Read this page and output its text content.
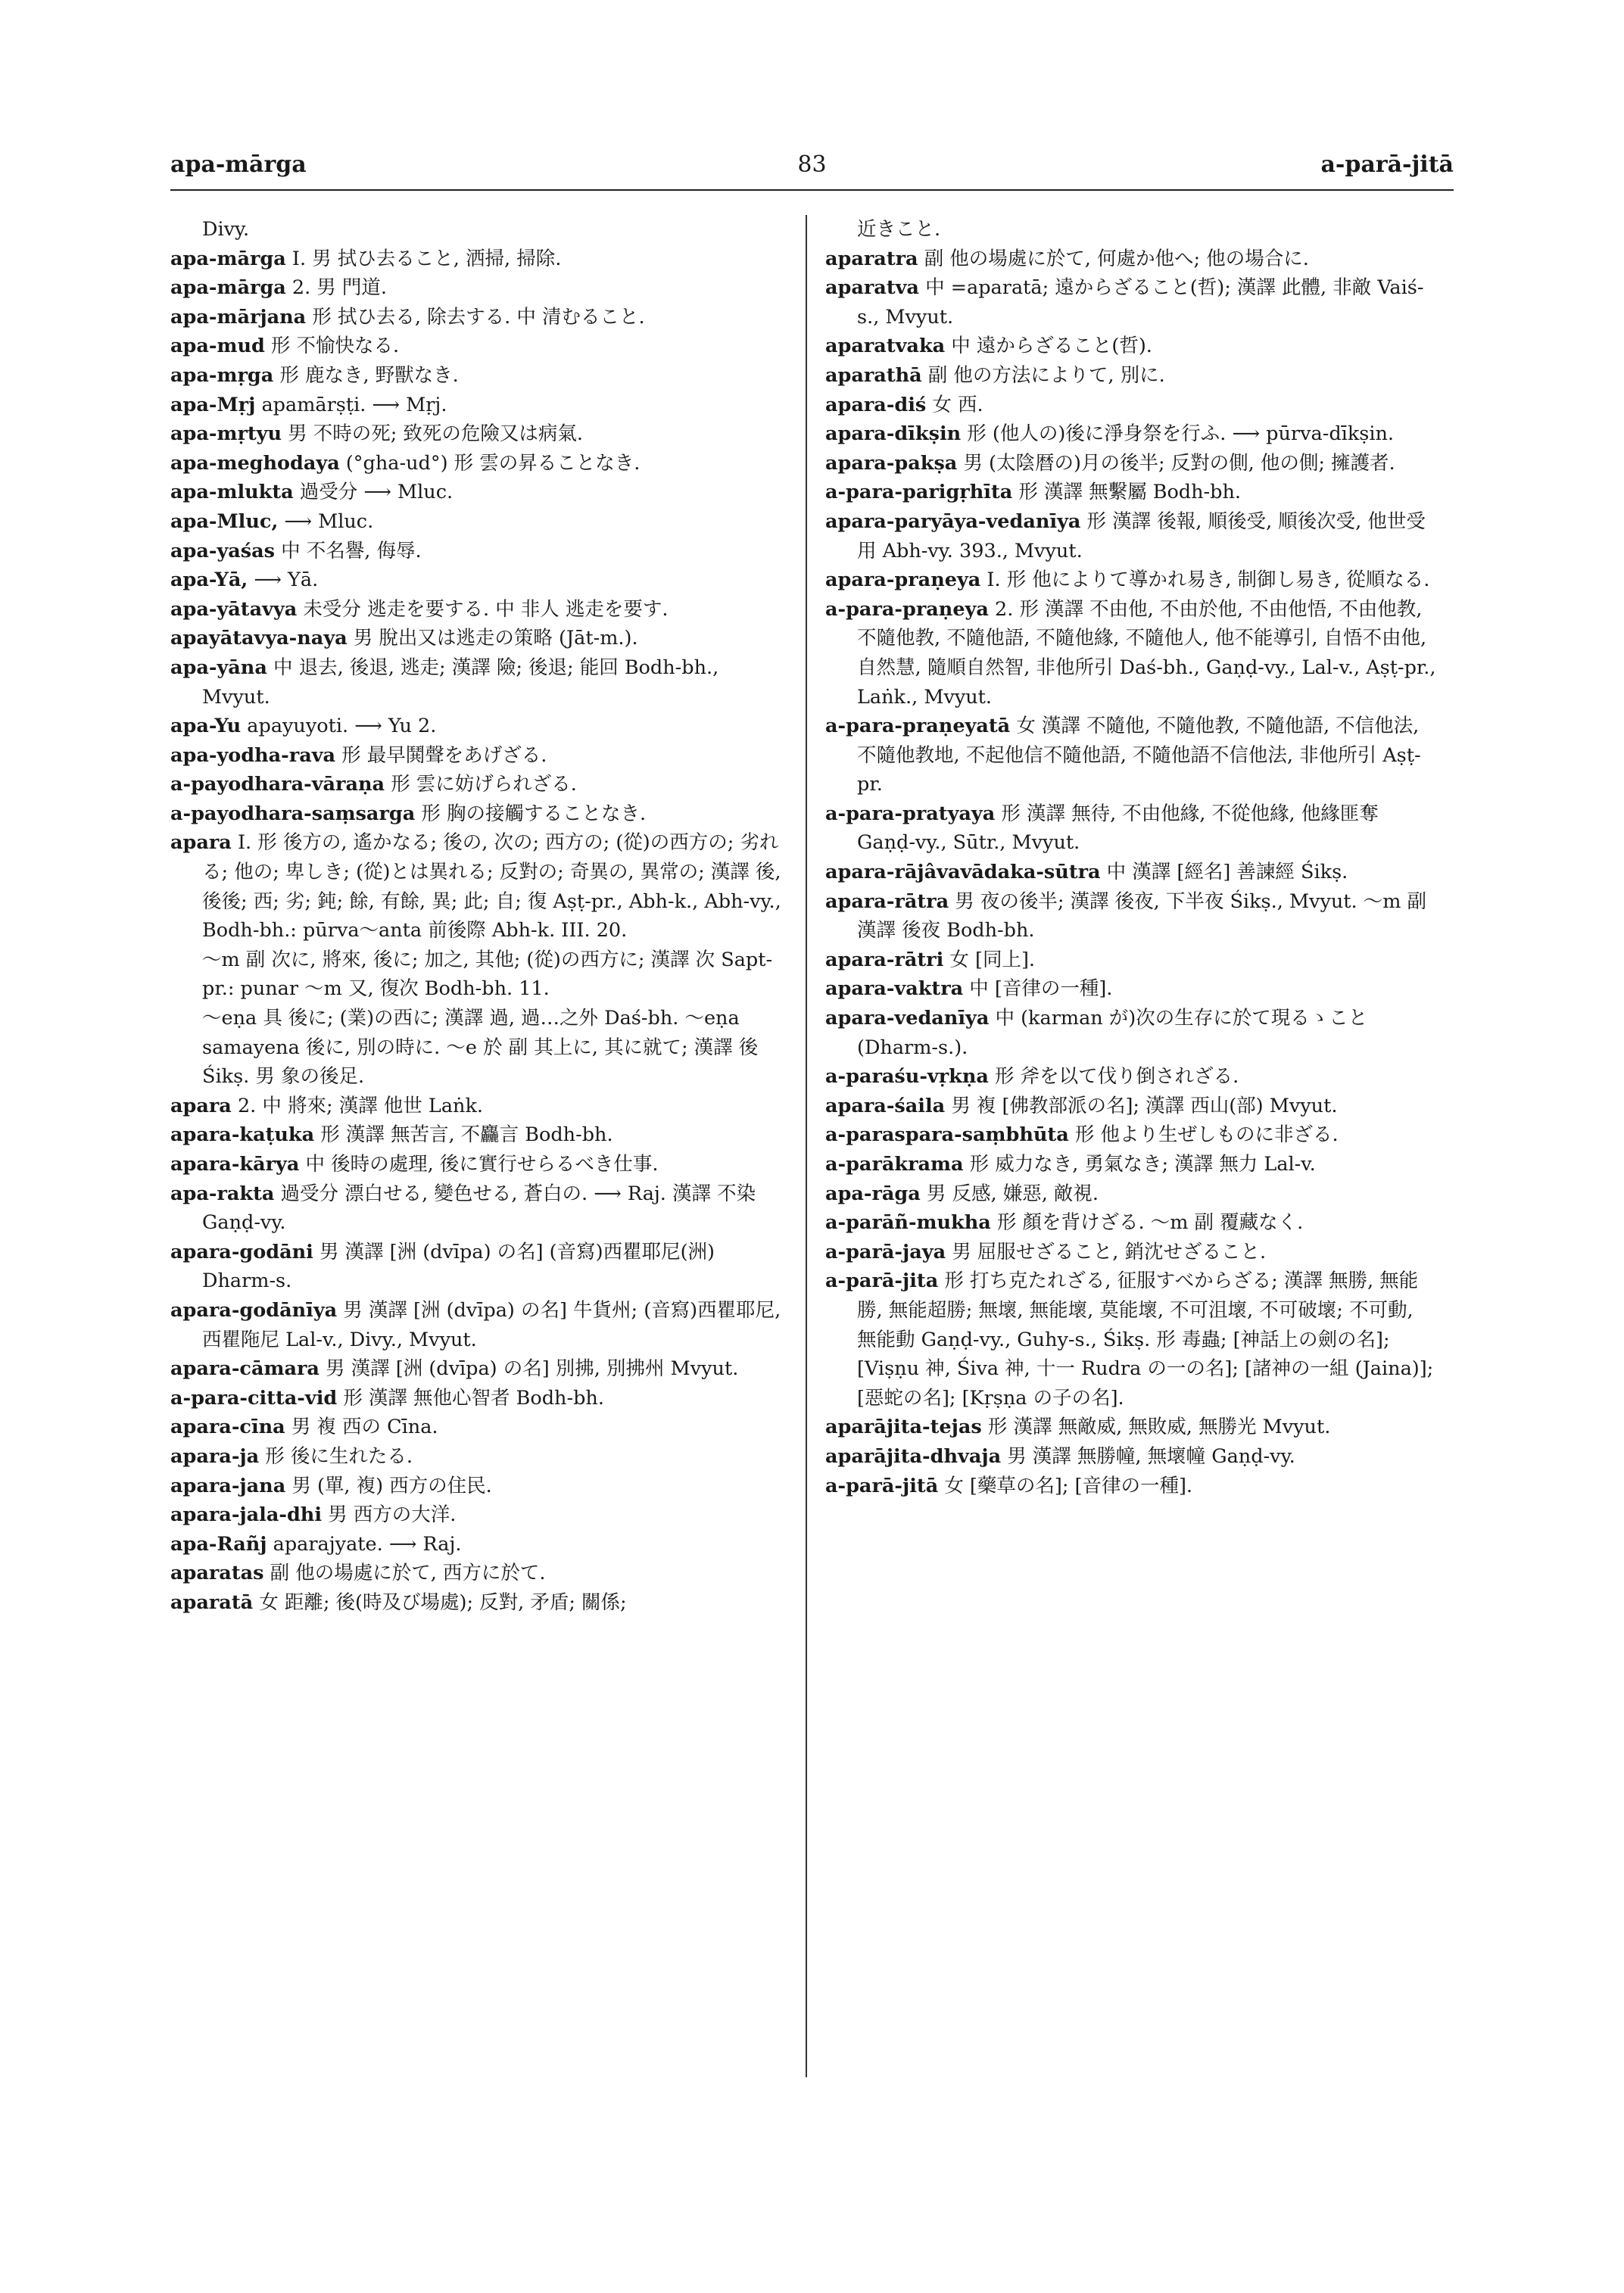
apa-mārga	83	a-parā-jitā

Divy.

apa-mārga I. 男 拭ひ去ること, 洒掃, 掃除.

apa-mārga 2. 男 門道.

apa-mārjana 形 拭ひ去る, 除去する. 中 清むること.

apa-mud 形 不愉快なる.

apa-mṛga 形 鹿なき, 野獸なき.

apa-Mṛj apamārṣṭi. ⟶ Mṛj.

apa-mṛtyu 男 不時の死; 致死の危險又は病氣.

apa-meghodaya (°gha-ud°) 形 雲の昇ることなき.

apa-mlukta 過受分 ⟶ Mluc.

apa-Mluc, ⟶ Mluc.

apa-yaśas 中 不名譽, 侮辱.

apa-Yā, ⟶ Yā.

apa-yātavya 未受分 逃走を要する. 中 非人 逃走を要す.

apayātavya-naya 男 脫出又は逃走の策略 (Jāt-m.).

apa-yāna 中 退去, 後退, 逃走; 漢譯 險; 後退; 能回 Bodh-bh., Mvyut.

apa-Yu apayuyoti. ⟶ Yu 2.

apa-yodha-rava 形 最早鬨聲をあげざる.

a-payodhara-vāraṇa 形 雲に妨げられざる.

a-payodhara-saṃsarga 形 胸の接觸することなき.

apara I. 形 後方の, 遙かなる; 後の, 次の; 西方の; (從)の西方の; 劣れる; 他の; 卑しき; (從)とは異れる; 反對の; 奇異の, 異常の; 漢譯 後, 後後; 西; 劣; 鈍; 餘, 有餘, 異; 此; 自; 復 Aṣṭ-pr., Abh-k., Abh-vy., Bodh-bh.: pūrva〜anta 前後際 Abh-k. III. 20.

〜m 副 次に, 將來, 後に; 加之, 其他; (從)の西方に; 漢譯 次 Sapt-pr.: punar 〜m 又, 復次 Bodh-bh. 11.

〜eṇa 具 後に; (業)の西に; 漢譯 過, 過…之外 Daś-bh. 〜eṇa samayena 後に, 別の時に. 〜e 於 副 其上に, 其に就て; 漢譯 後 Śikṣ. 男 象の後足.

apara 2. 中 將來; 漢譯 他世 Laṅk.

apara-kaṭuka 形 漢譯 無苦言, 不麤言 Bodh-bh.

apara-kārya 中 後時の處理, 後に實行せらるべき仕事.

apa-rakta 過受分 漂白せる, 變色せる, 蒼白の. ⟶ Raj. 漢譯 不染 Gaṇḍ-vy.

apara-godāni 男 漢譯 [洲 (dvīpa) の名] (音寫)西瞿耶尼(洲) Dharm-s.

apara-godānīya 男 漢譯 [洲 (dvīpa) の名] 牛貨州; (音寫)西瞿耶尼, 西瞿陁尼 Lal-v., Divy., Mvyut.

apara-cāmara 男 漢譯 [洲 (dvīpa) の名] 別拂, 別拂州 Mvyut.

a-para-citta-vid 形 漢譯 無他心智者 Bodh-bh.

apara-cīna 男 複 西の Cīna.

apara-ja 形 後に生れたる.

apara-jana 男 (單, 複) 西方の住民.

apara-jala-dhi 男 西方の大洋.

apa-Rañj aparajyate. ⟶ Raj.

aparatas 副 他の場處に於て, 西方に於て.

aparatā 女 距離; 後(時及び場處); 反對, 矛盾; 關係;

近きこと.

aparatra 副 他の場處に於て, 何處か他へ; 他の場合に.

aparatva 中 =aparatā; 遠からざること(哲); 漢譯 此體, 非敵 Vaiś-s., Mvyut.

aparatvaka 中 遠からざること(哲).

aparathā 副 他の方法によりて, 別に.

apara-diś 女 西.

apara-dīkṣin 形 (他人の)後に淨身祭を行ふ. ⟶ pūrva-dīkṣin.

apara-pakṣa 男 (太陰暦の)月の後半; 反對の側, 他の側; 擁護者.

a-para-parigṛhīta 形 漢譯 無繫屬 Bodh-bh.

apara-paryāya-vedanīya 形 漢譯 後報, 順後受, 順後次受, 他世受用 Abh-vy. 393., Mvyut.

apara-praṇeya I. 形 他によりて導かれ易き, 制御し易き, 從順なる.

a-para-praṇeya 2. 形 漢譯 不由他, 不由於他, 不由他悟, 不由他教, 不隨他教, 不隨他語, 不隨他緣, 不隨他人, 他不能導引, 自悟不由他, 自然慧, 隨順自然智, 非他所引 Daś-bh., Gaṇḍ-vy., Lal-v., Aṣṭ-pr., Laṅk., Mvyut.

a-para-praṇeyatā 女 漢譯 不隨他, 不隨他教, 不隨他語, 不信他法, 不隨他教地, 不起他信不隨他語, 不隨他語不信他法, 非他所引 Aṣṭ-pr.

a-para-pratyaya 形 漢譯 無待, 不由他緣, 不從他緣, 他緣匪奪 Gaṇḍ-vy., Sūtr., Mvyut.

apara-rājâvavādaka-sūtra 中 漢譯 [經名] 善諫經 Śikṣ.

apara-rātra 男 夜の後半; 漢譯 後夜, 下半夜 Śikṣ., Mvyut. 〜m 副 漢譯 後夜 Bodh-bh.

apara-rātri 女 [同上].

apara-vaktra 中 [音律の一種].

apara-vedanīya 中 (karman が)次の生存に於て現るゝこと (Dharm-s.).

a-paraśu-vṛkṇa 形 斧を以て伐り倒されざる.

apara-śaila 男 複 [佛教部派の名]; 漢譯 西山(部) Mvyut.

a-paraspara-saṃbhūta 形 他より生ぜしものに非ざる.

a-parākrama 形 威力なき, 勇氣なき; 漢譯 無力 Lal-v.

apa-rāga 男 反感, 嫌惡, 敵視.

a-parāñ-mukha 形 顏を背けざる. 〜m 副 覆藏なく.

a-parā-jaya 男 屈服せざること, 銷沈せざること.

a-parā-jita 形 打ち克たれざる, 征服すべからざる; 漢譯 無勝, 無能勝, 無能超勝; 無壞, 無能壞, 莫能壞, 不可沮壞, 不可破壞; 不可動, 無能動 Gaṇḍ-vy., Guhy-s., Śikṣ. 形 毒蟲; [神話上の劍の名]; [Viṣṇu 神, Śiva 神, 十一 Rudra の一の名]; [諸神の一組 (Jaina)]; [惡蛇の名]; [Kṛṣṇa の子の名].

aparājita-tejas 形 漢譯 無敵威, 無敗威, 無勝光 Mvyut.

aparājita-dhvaja 男 漢譯 無勝幢, 無壞幢 Gaṇḍ-vy.

a-parā-jitā 女 [藥草の名]; [音律の一種].
